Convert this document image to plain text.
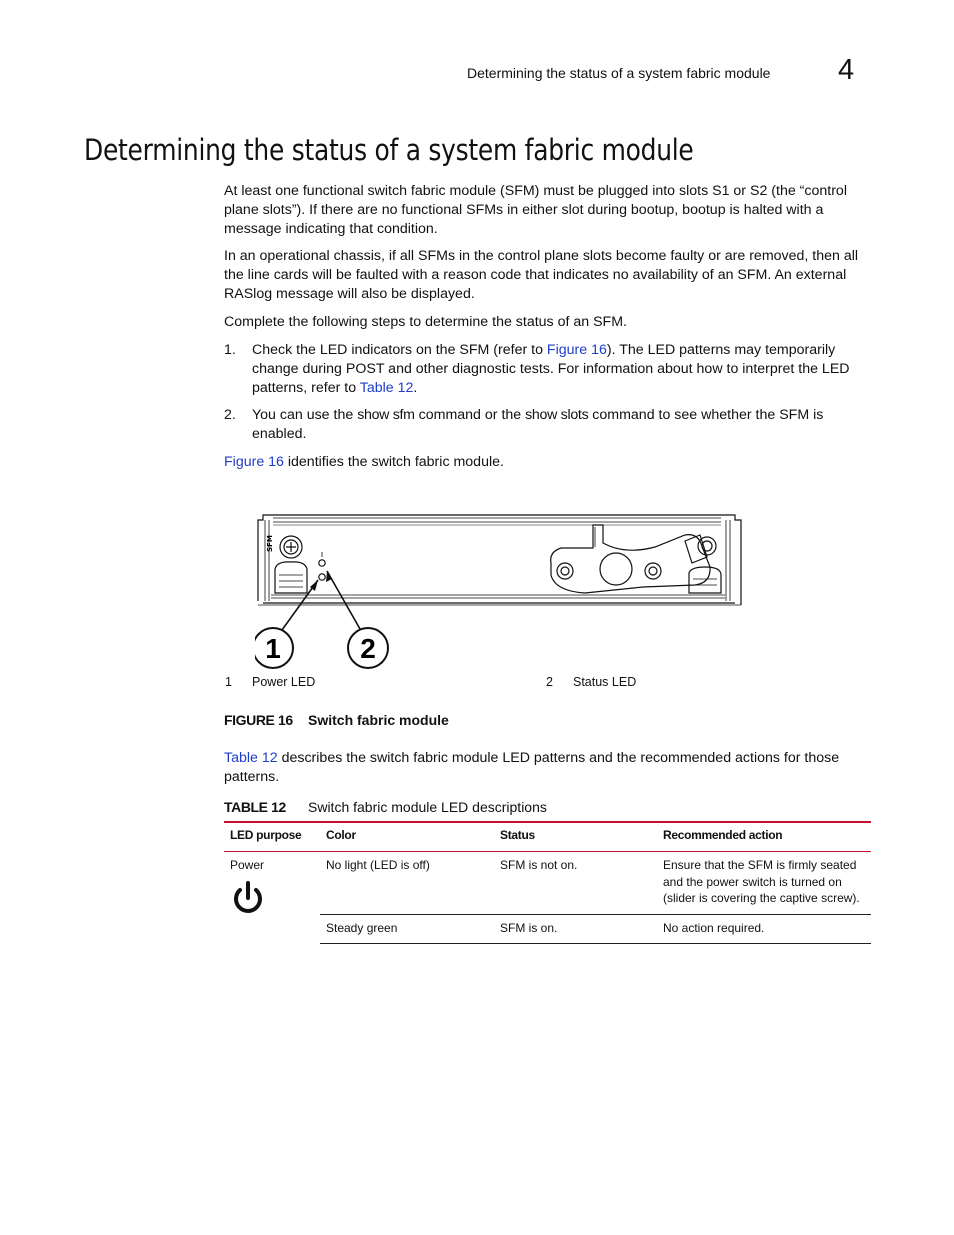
Determining the status of a system fabric module 4
Determining the status of a system fabric module
At least one functional switch fabric module (SFM) must be plugged into slots S1 or S2 (the “control plane slots”). If there are no functional SFMs in either slot during bootup, bootup is halted with a message indicating that condition.
In an operational chassis, if all SFMs in the control plane slots become faulty or are removed, then all the line cards will be faulted with a reason code that indicates no availability of an SFM. An external RASlog message will also be displayed.
Complete the following steps to determine the status of an SFM.
1. Check the LED indicators on the SFM (refer to Figure 16). The LED patterns may temporarily change during POST and other diagnostic tests. For information about how to interpret the LED patterns, refer to Table 12.
2. You can use the show sfm command or the show slots command to see whether the SFM is enabled.
Figure 16 identifies the switch fabric module.
SFM
1	2
1 Power LED	2 Status LED
FIGURE 16 Switch fabric module
Table 12 describes the switch fabric module LED patterns and the recommended actions for those patterns.
TABLE 12 Switch fabric module LED descriptions
LED purpose	Color	Status	Recommended action
Power	No light (LED is off)	SFM is not on.	Ensure that the SFM is firmly seated and the power switch is turned on (slider is covering the captive screw).
	Steady green	SFM is on.	No action required.
